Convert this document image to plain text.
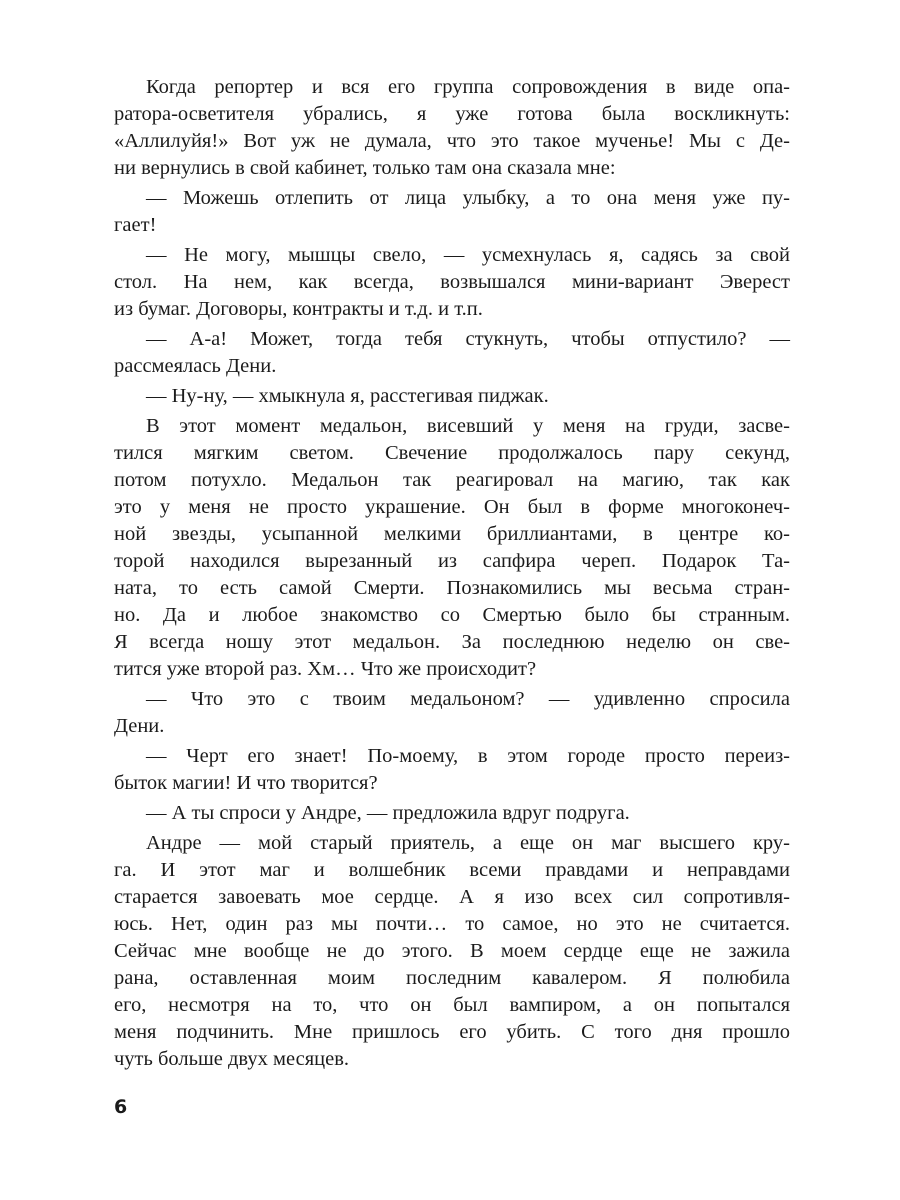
Когда репортер и вся его группа сопровождения в виде опа-
ратора-осветителя убрались, я уже готова была воскликнуть:
«Аллилуйя!» Вот уж не думала, что это такое мученье! Мы с Де-
ни вернулись в свой кабинет, только там она сказала мне:
— Можешь отлепить от лица улыбку, а то она меня уже пу-
гает!
— Не могу, мышцы свело, — усмехнулась я, садясь за свой
стол. На нем, как всегда, возвышался мини-вариант Эверест
из бумаг. Договоры, контракты и т.д. и т.п.
— А-а! Может, тогда тебя стукнуть, чтобы отпустило? —
рассмеялась Дени.
— Ну-ну, — хмыкнула я, расстегивая пиджак.
В этот момент медальон, висевший у меня на груди, засве-
тился мягким светом. Свечение продолжалось пару секунд,
потом потухло. Медальон так реагировал на магию, так как
это у меня не просто украшение. Он был в форме многоконеч-
ной звезды, усыпанной мелкими бриллиантами, в центре ко-
торой находился вырезанный из сапфира череп. Подарок Та-
ната, то есть самой Смерти. Познакомились мы весьма стран-
но. Да и любое знакомство со Смертью было бы странным.
Я всегда ношу этот медальон. За последнюю неделю он све-
тится уже второй раз. Хм… Что же происходит?
— Что это с твоим медальоном? — удивленно спросила
Дени.
— Черт его знает! По-моему, в этом городе просто переиз-
быток магии! И что творится?
— А ты спроси у Андре, — предложила вдруг подруга.
Андре — мой старый приятель, а еще он маг высшего кру-
га. И этот маг и волшебник всеми правдами и неправдами
старается завоевать мое сердце. А я изо всех сил сопротивля-
юсь. Нет, один раз мы почти… то самое, но это не считается.
Сейчас мне вообще не до этого. В моем сердце еще не зажила
рана, оставленная моим последним кавалером. Я полюбила
его, несмотря на то, что он был вампиром, а он попытался
меня подчинить. Мне пришлось его убить. С того дня прошло
чуть больше двух месяцев.
6
